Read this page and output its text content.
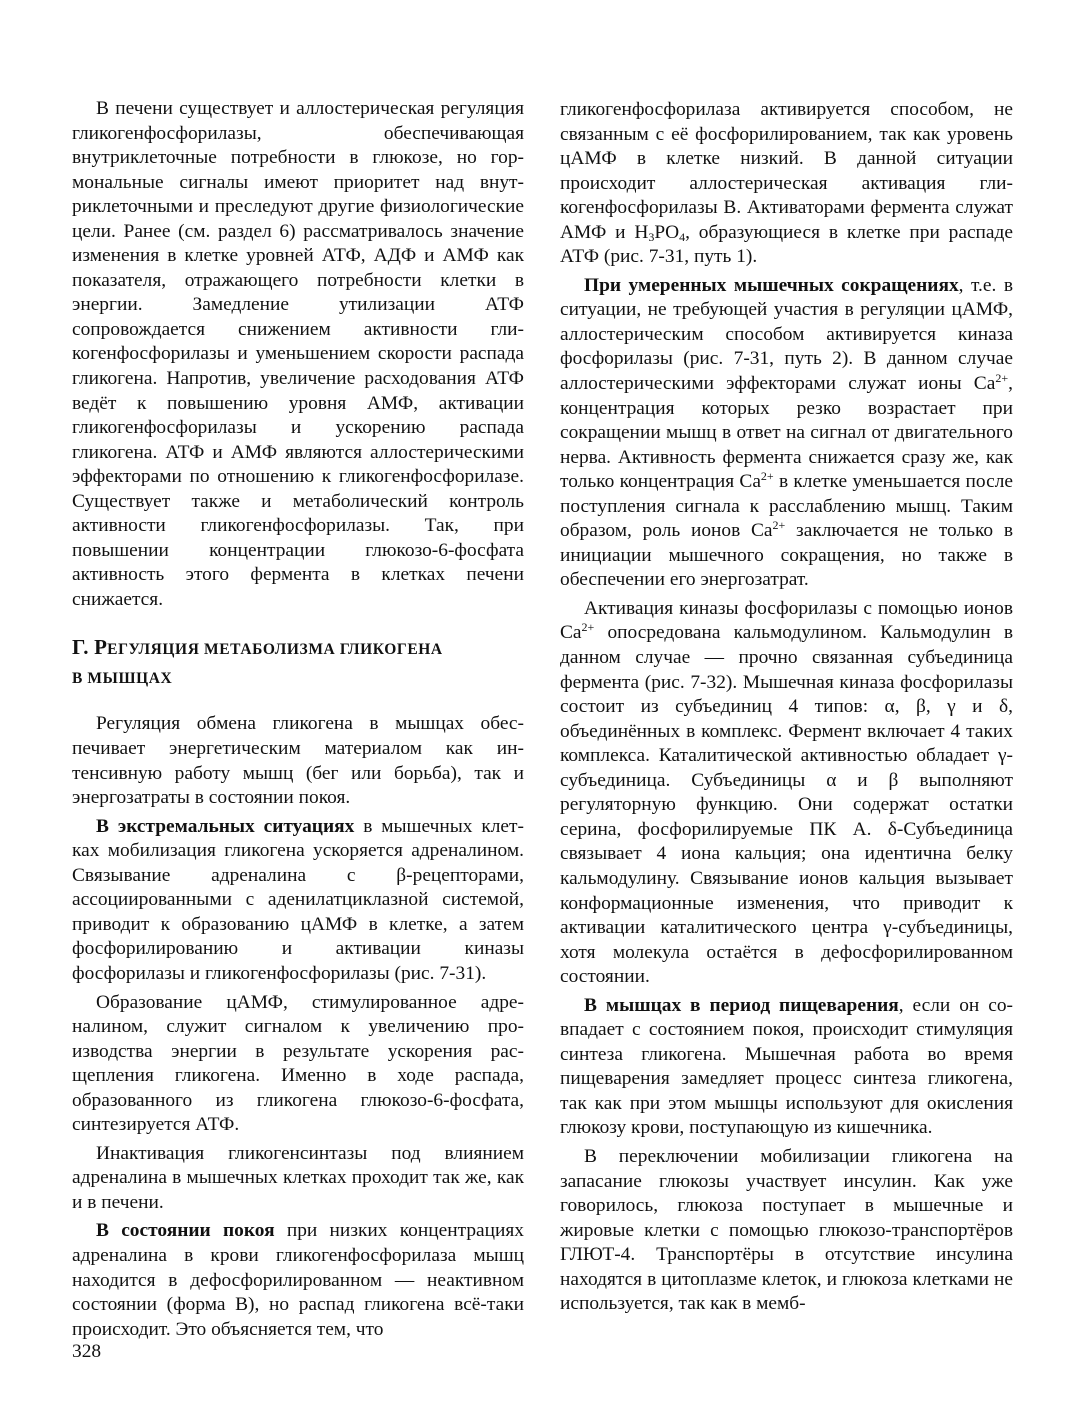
В печени существует и аллостерическая регуляция гликогенфосфорилазы, обеспечивающая внутриклеточные потребности в глюкозе, но гормональные сигналы имеют приоритет над внутриклеточными и преследуют другие физиологические цели. Ранее (см. раздел 6) рассматривалось значение изменения в клетке уровней АТФ, АДФ и АМФ как показателя, отражающего потребности клетки в энергии. Замедление утилизации АТФ сопровождается снижением активности гликогенфосфорилазы и уменьшением скорости распада гликогена. Напротив, увеличение расходования АТФ ведёт к повышению уровня АМФ, активации гликогенфосфорилазы и ускорению распада гликогена. АТФ и АМФ являются аллостерическими эффекторами по отношению к гликогенфосфорилазе. Существует также и метаболический контроль активности гликогенфосфорилазы. Так, при повышении концентрации глюкозо-6-фосфата активность этого фермента в клетках печени снижается.

Г. РЕГУЛЯЦИЯ МЕТАБОЛИЗМА ГЛИКОГЕНА
В МЫШЦАХ

Регуляция обмена гликогена в мышцах обеспечивает энергетическим материалом как интенсивную работу мышц (бег или борьба), так и энергозатраты в состоянии покоя.

В экстремальных ситуациях в мышечных клетках мобилизация гликогена ускоряется адреналином. Связывание адреналина с β-рецепторами, ассоциированными с аденилатциклазной системой, приводит к образованию цАМФ в клетке, а затем фосфорилированию и активации киназы фосфорилазы и гликогенфосфорилазы (рис. 7-31).

Образование цАМФ, стимулированное адреналином, служит сигналом к увеличению производства энергии в результате ускорения расщепления гликогена. Именно в ходе распада, образованного из гликогена глюкозо-6-фосфата, синтезируется АТФ.

Инактивация гликогенсинтазы под влиянием адреналина в мышечных клетках проходит так же, как и в печени.

В состоянии покоя при низких концентрациях адреналина в крови гликогенфосфорилаза мышц находится в дефосфорилированном — неактивном состоянии (форма В), но распад гликогена всё-таки происходит. Это объясняется тем, что

гликогенфосфорилаза активируется способом, не связанным с её фосфорилированием, так как уровень цАМФ в клетке низкий. В данной ситуации происходит аллостерическая активация гликогенфосфорилазы В. Активаторами фермента служат АМФ и $H_3PO_4$, образующиеся в клетке при распаде АТФ (рис. 7-31, путь 1).

При умеренных мышечных сокращениях, т.е. в ситуации, не требующей участия в регуляции цАМФ, аллостерическим способом активируется киназа фосфорилазы (рис. 7-31, путь 2). В данном случае аллостерическими эффекторами служат ионы $Са^{2+}$, концентрация которых резко возрастает при сокращении мышц в ответ на сигнал от двигательного нерва. Активность фермента снижается сразу же, как только концентрация $Са^{2+}$ в клетке уменьшается после поступления сигнала к расслаблению мышц. Таким образом, роль ионов $Са^{2+}$ заключается не только в инициации мышечного сокращения, но также в обеспечении его энергозатрат.

Активация киназы фосфорилазы с помощью ионов $Са^{2+}$ опосредована кальмодулином. Кальмодулин в данном случае — прочно связанная субъединица фермента (рис. 7-32). Мышечная киназа фосфорилазы состоит из субъединиц 4 типов: α, β, γ и δ, объединённых в комплекс. Фермент включает 4 таких комплекса. Каталитической активностью обладает γ-субъединица. Субъединицы α и β выполняют регуляторную функцию. Они содержат остатки серина, фосфорилируемые ПК А. δ-Субъединица связывает 4 иона кальция; она идентична белку кальмодулину. Связывание ионов кальция вызывает конформационные изменения, что приводит к активации каталитического центра γ-субъединицы, хотя молекула остаётся в дефосфорилированном состоянии.

В мышцах в период пищеварения, если он совпадает с состоянием покоя, происходит стимуляция синтеза гликогена. Мышечная работа во время пищеварения замедляет процесс синтеза гликогена, так как при этом мышцы используют для окисления глюкозу крови, поступающую из кишечника.

В переключении мобилизации гликогена на запасание глюкозы участвует инсулин. Как уже говорилось, глюкоза поступает в мышечные и жировые клетки с помощью глюкозо-транспортёров ГЛЮТ-4. Транспортёры в отсутствие инсулина находятся в цитоплазме клеток, и глюкоза клетками не используется, так как в мемб-

328
